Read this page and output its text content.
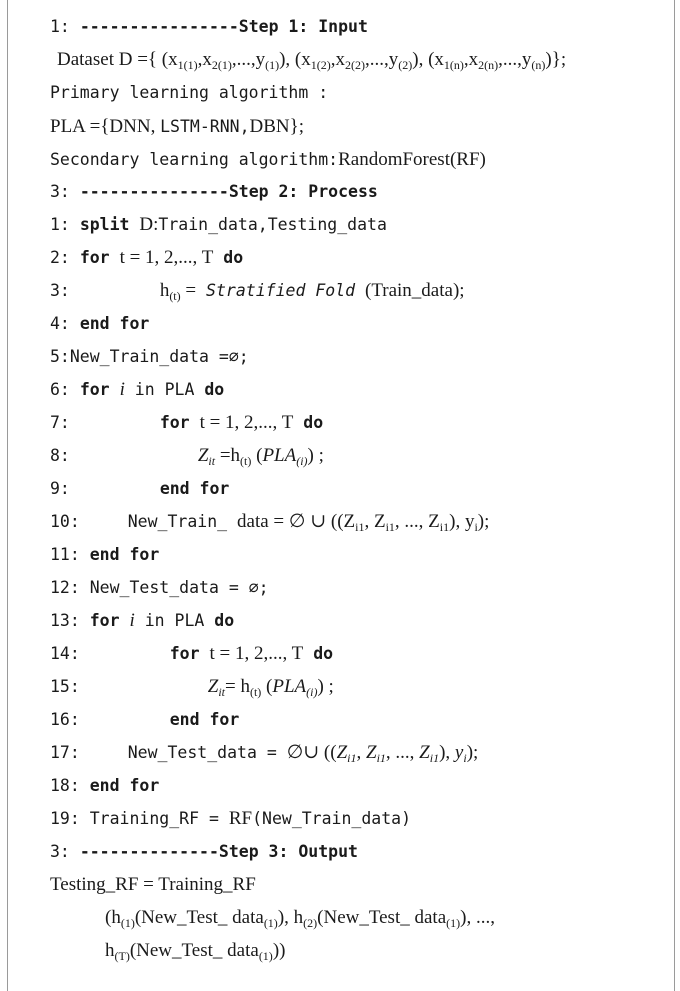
1: ----------------Step 1: Input
Dataset D ={ $(x_{1(1)},x_{2(1)},...,y_{(1)})$, $(x_{1(2)},x_{2(2)},...,y_{(2)})$, $(x_{1(n)},x_{2(n)},...,y_{(n)})$};
Primary learning algorithm :
PLA ={DNN, LSTM-RNN,DBN};
Secondary learning algorithm:RandomForest(RF)
3: ---------------Step 2: Process
1: split D:Train_data,Testing_data
2: for t = 1, 2,..., T do
3:	$h_{(t)}$ = Stratified Fold (Train_data);
4: end for
5:New_Train_data =∅;
6: for i in PLA do
7:	for t = 1, 2,..., T do
8:	$Z_{it} =h_{(t)}$ $(PLA_{(i)})$ ;
9:	end for
10:	New_Train_ data = ∅ ∪ (($Z_{i1}$, $Z_{i1}$, ..., $Z_{i1}$), $y_i$);
11: end for
12: New_Test_data = ∅;
13: for i in PLA do
14:	for t = 1, 2,..., T do
15:	$Z_{it}= h_{(t)}$ $(PLA_{(i)})$ ;
16:	end for
17:	New_Test_data = ∅∪ (($Z_{i1}$, $Z_{i1}$, ..., $Z_{i1}$), $y_i$);
18: end for
19: Training_RF = RF(New_Train_data)
3: --------------Step 3: Output
Testing_RF = Training_RF
($h_{(1)}(New\_Test\_$ data$_{(1)}$), $h_{(2)}(New\_Test\_$ data$_{(1)}$), ...,
$h_{(T)}(New\_Test\_$ data$_{(1)}$))
